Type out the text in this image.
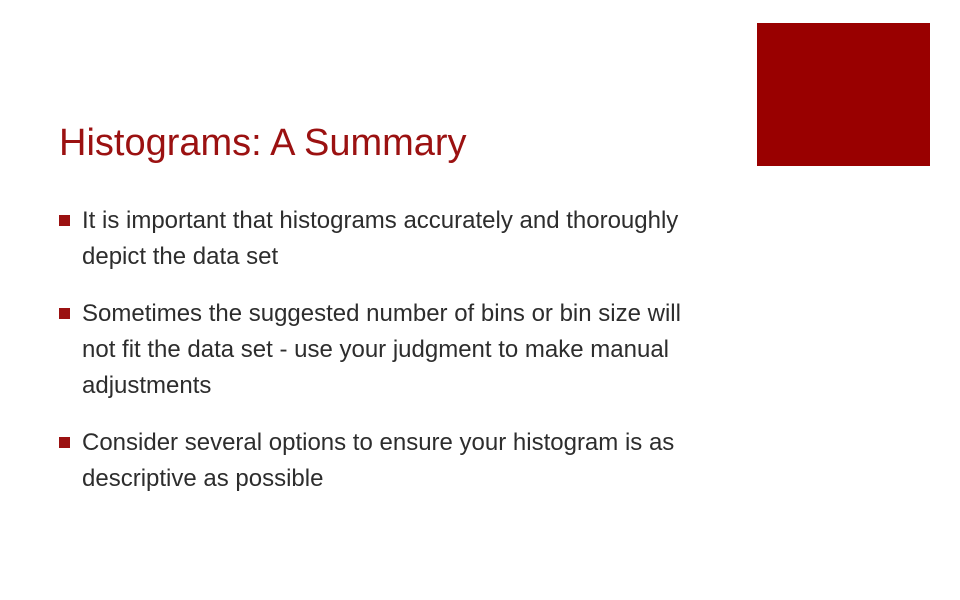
Histograms: A Summary
It is important that histograms accurately and thoroughly depict the data set
Sometimes the suggested number of bins or bin size will not fit the data set - use your judgment to make manual adjustments
Consider several options to ensure your histogram is as descriptive as possible
